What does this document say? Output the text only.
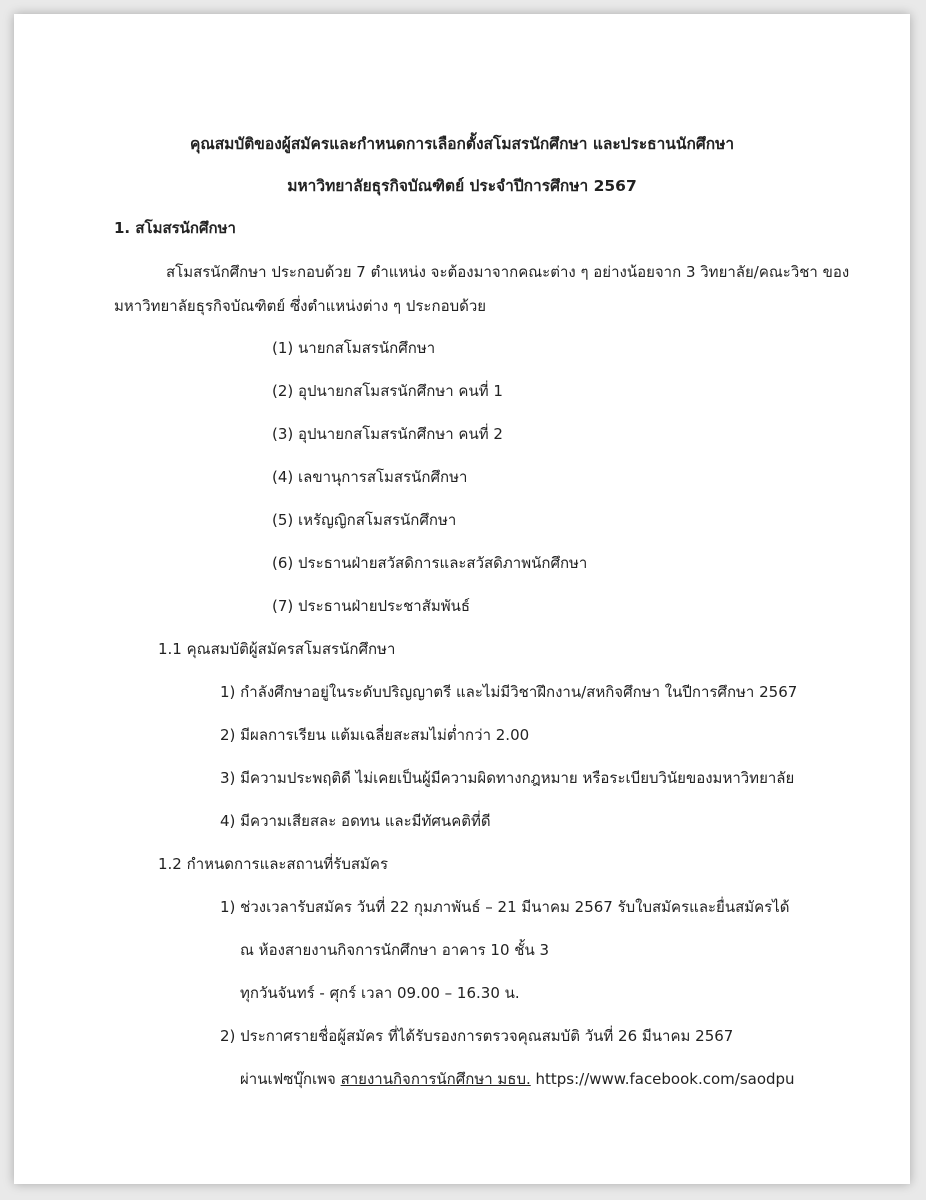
คุณสมบัติของผู้สมัครและกำหนดการเลือกตั้งสโมสรนักศึกษา และประธานนักศึกษา
มหาวิทยาลัยธุรกิจบัณฑิตย์ ประจำปีการศึกษา 2567
1. สโมสรนักศึกษา
สโมสรนักศึกษา ประกอบด้วย 7 ตำแหน่ง จะต้องมาจากคณะต่าง ๆ อย่างน้อยจาก 3 วิทยาลัย/คณะวิชา ของ
มหาวิทยาลัยธุรกิจบัณฑิตย์ ซึ่งตำแหน่งต่าง ๆ ประกอบด้วย
(1) นายกสโมสรนักศึกษา
(2) อุปนายกสโมสรนักศึกษา คนที่ 1
(3) อุปนายกสโมสรนักศึกษา คนที่ 2
(4) เลขานุการสโมสรนักศึกษา
(5) เหรัญญิกสโมสรนักศึกษา
(6) ประธานฝ่ายสวัสดิการและสวัสดิภาพนักศึกษา
(7) ประธานฝ่ายประชาสัมพันธ์
1.1 คุณสมบัติผู้สมัครสโมสรนักศึกษา
1) กำลังศึกษาอยู่ในระดับปริญญาตรี และไม่มีวิชาฝึกงาน/สหกิจศึกษา ในปีการศึกษา 2567
2) มีผลการเรียน แต้มเฉลี่ยสะสมไม่ต่ำกว่า 2.00
3) มีความประพฤติดี ไม่เคยเป็นผู้มีความผิดทางกฎหมาย หรือระเบียบวินัยของมหาวิทยาลัย
4) มีความเสียสละ อดทน และมีทัศนคติที่ดี
1.2 กำหนดการและสถานที่รับสมัคร
1) ช่วงเวลารับสมัคร วันที่ 22 กุมภาพันธ์ – 21 มีนาคม 2567 รับใบสมัครและยื่นสมัครได้
ณ ห้องสายงานกิจการนักศึกษา อาคาร 10 ชั้น 3
ทุกวันจันทร์ - ศุกร์ เวลา 09.00 – 16.30 น.
2) ประกาศรายชื่อผู้สมัคร ที่ได้รับรองการตรวจคุณสมบัติ วันที่ 26 มีนาคม 2567
ผ่านเฟซบุ๊กเพจ สายงานกิจการนักศึกษา มธบ. https://www.facebook.com/saodpu
